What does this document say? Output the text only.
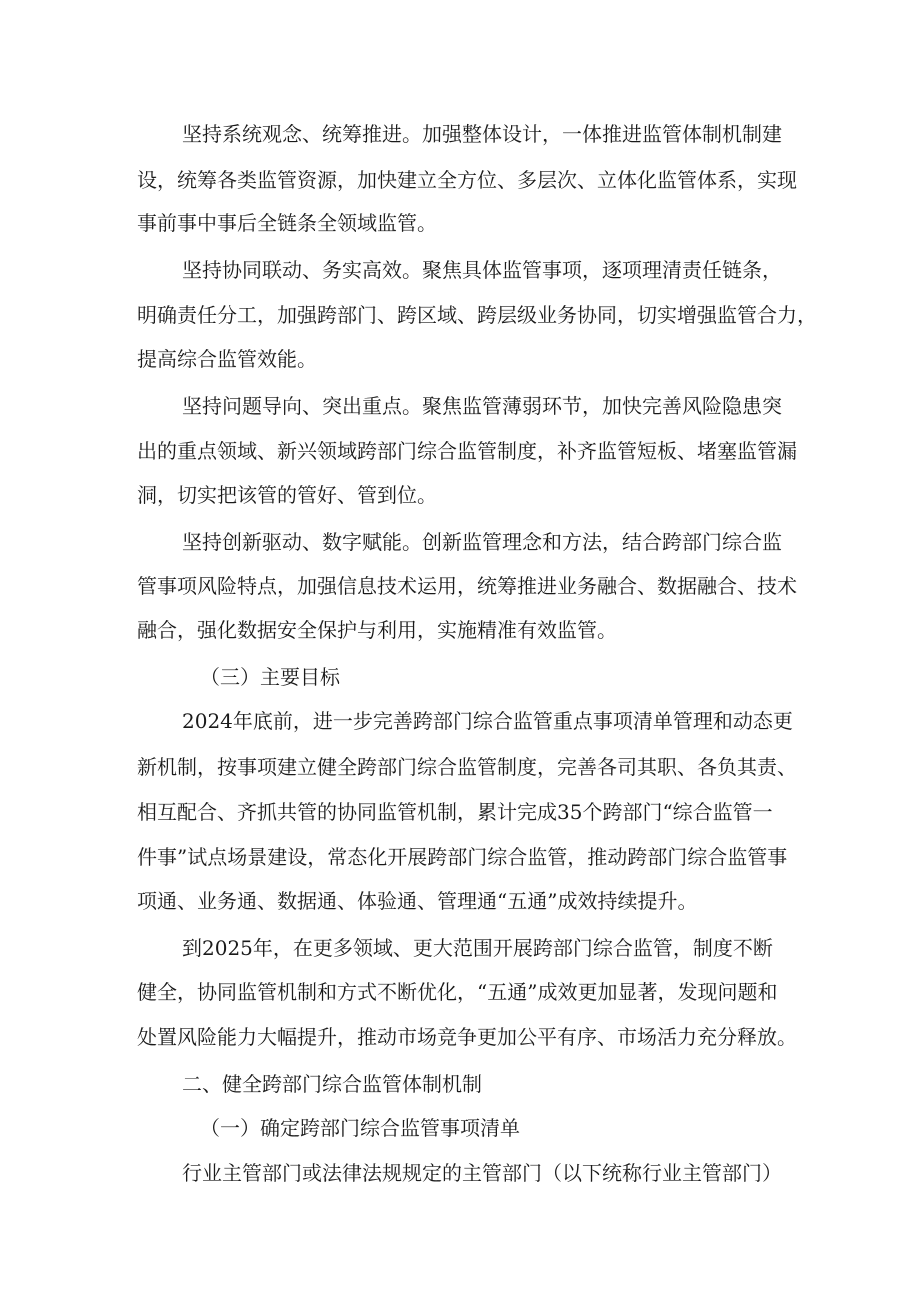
坚持系统观念、统筹推进。加强整体设计，一体推进监管体制机制建
设，统筹各类监管资源，加快建立全方位、多层次、立体化监管体系，实现
事前事中事后全链条全领域监管。
坚持协同联动、务实高效。聚焦具体监管事项，逐项理清责任链条，
明确责任分工，加强跨部门、跨区域、跨层级业务协同，切实增强监管合力，
提高综合监管效能。
坚持问题导向、突出重点。聚焦监管薄弱环节，加快完善风险隐患突
出的重点领域、新兴领域跨部门综合监管制度，补齐监管短板、堵塞监管漏
洞，切实把该管的管好、管到位。
坚持创新驱动、数字赋能。创新监管理念和方法，结合跨部门综合监
管事项风险特点，加强信息技术运用，统筹推进业务融合、数据融合、技术
融合，强化数据安全保护与利用，实施精准有效监管。
（三）主要目标
2024年底前，进一步完善跨部门综合监管重点事项清单管理和动态更
新机制，按事项建立健全跨部门综合监管制度，完善各司其职、各负其责、
相互配合、齐抓共管的协同监管机制，累计完成35个跨部门“综合监管一
件事”试点场景建设，常态化开展跨部门综合监管，推动跨部门综合监管事
项通、业务通、数据通、体验通、管理通“五通”成效持续提升。
到2025年，在更多领域、更大范围开展跨部门综合监管，制度不断
健全，协同监管机制和方式不断优化，“五通”成效更加显著，发现问题和
处置风险能力大幅提升，推动市场竞争更加公平有序、市场活力充分释放。
二、健全跨部门综合监管体制机制
（一）确定跨部门综合监管事项清单
行业主管部门或法律法规规定的主管部门（以下统称行业主管部门）
